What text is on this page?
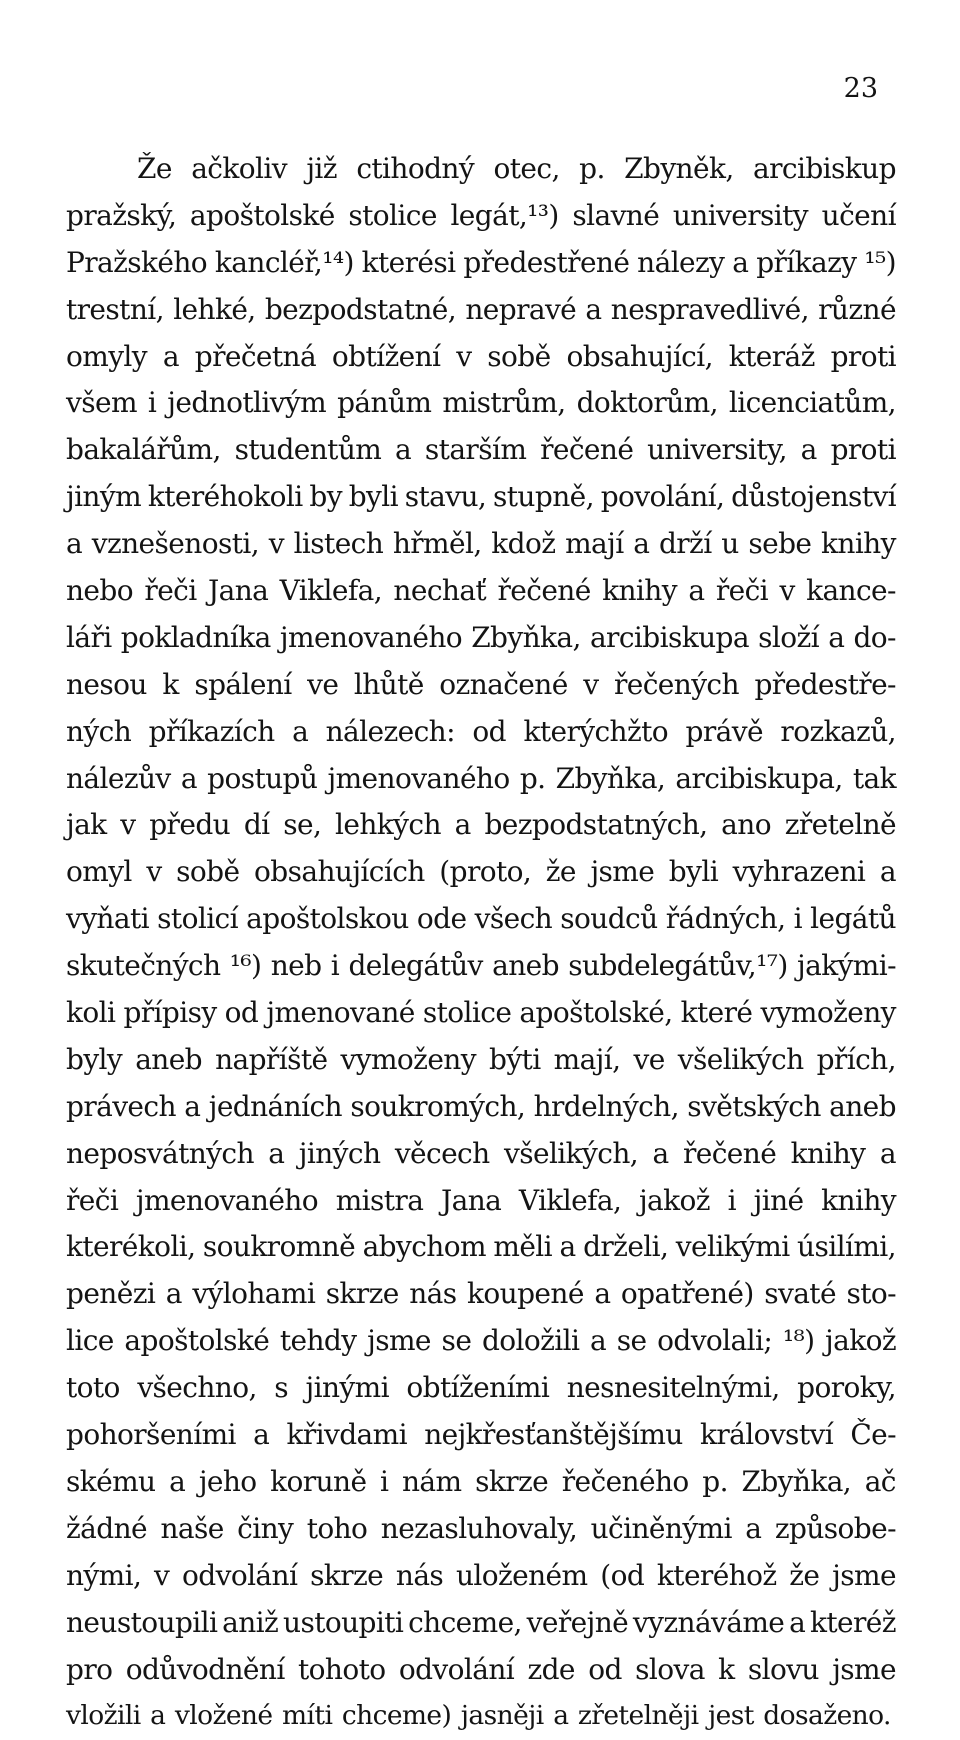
23
Že ačkoliv již ctihodný otec, p. Zbyněk, arcibiskup
pražský, apoštolské stolice legát,¹³) slavné university učení
Pražského kancléř,¹⁴) kterési předestřené nálezy a příkazy ¹⁵)
trestní, lehké, bezpodstatné, nepravé a nespravedlivé, různé
omyly a přečetná obtížení v sobě obsahující, kteráž proti
všem i jednotlivým pánům mistrům, doktorům, licenciatům,
bakalářům, studentům a starším řečené university, a proti
jiným kteréhokoli by byli stavu, stupně, povolání, důstojenství
a vznešenosti, v listech hřměl, kdož mají a drží u sebe knihy
nebo řeči Jana Viklefa, nechať řečené knihy a řeči v kance-
láři pokladníka jmenovaného Zbyňka, arcibiskupa složí a do-
nesou k spálení ve lhůtě označené v řečených předestře-
ných příkazích a nálezech: od kterýchžto právě rozkazů,
nálezův a postupů jmenovaného p. Zbyňka, arcibiskupa, tak
jak v předu dí se, lehkých a bezpodstatných, ano zřetelně
omyl v sobě obsahujících (proto, že jsme byli vyhrazeni a
vyňati stolicí apoštolskou ode všech soudců řádných, i legátů
skutečných ¹⁶) neb i delegátův aneb subdelegátův,¹⁷) jakými-
koli přípisy od jmenované stolice apoštolské, které vymoženy
byly aneb napříště vymoženy býti mají, ve všelikých přích,
právech a jednáních soukromých, hrdelných, světských aneb
neposvátných a jiných věcech všelikých, a řečené knihy a
řeči jmenovaného mistra Jana Viklefa, jakož i jiné knihy
kterékoli, soukromně abychom měli a drželi, velikými úsilími,
penězi a výlohami skrze nás koupené a opatřené) svaté sto-
lice apoštolské tehdy jsme se doložili a se odvolali; ¹⁸) jakož
toto všechno, s jinými obtíženími nesnesitelnými, poroky,
pohoršeními a křivdami nejkřesťanštějšímu království Če-
skému a jeho koruně i nám skrze řečeného p. Zbyňka, ač
žádné naše činy toho nezasluhovaly, učiněnými a způsobe-
nými, v odvolání skrze nás uloženém (od kteréhož že jsme
neustoupili aniž ustoupiti chceme, veřejně vyznáváme a kteréž
pro odůvodnění tohoto odvolání zde od slova k slovu jsme
vložili a vložené míti chceme) jasněji a zřetelněji jest dosaženo.
